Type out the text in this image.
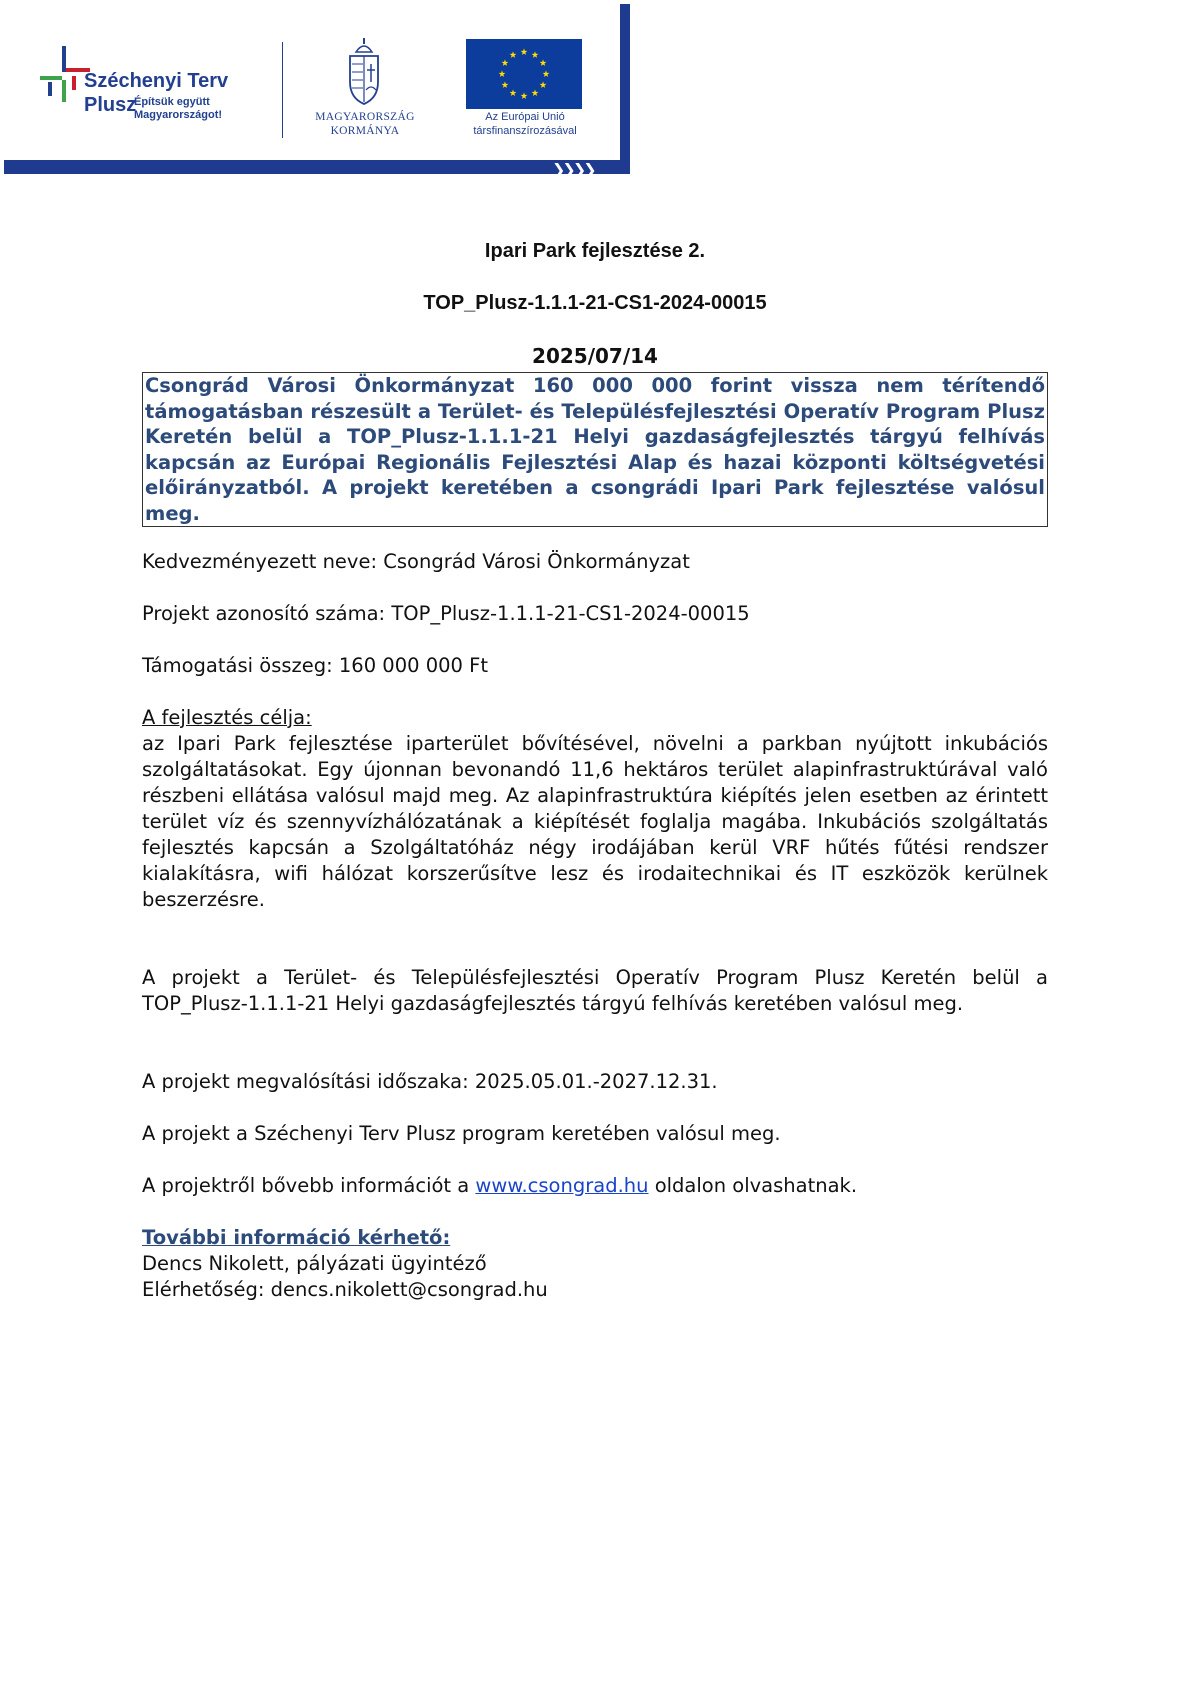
❯❯❯❯
Széchenyi Terv
Plusz
Építsük együtt Magyarországot!	MAGYARORSZÁG
KORMÁNYA
Az Európai Unió
társfinanszírozásával
Ipari Park fejlesztése 2.
TOP_Plusz-1.1.1-21-CS1-2024-00015
2025/07/14
Csongrád Városi Önkormányzat 160 000 000 forint vissza nem térítendő támogatásban részesült a Terület- és Településfejlesztési Operatív Program Plusz Keretén belül a TOP_Plusz-1.1.1-21 Helyi gazdaságfejlesztés tárgyú felhívás kapcsán az Európai Regionális Fejlesztési Alap és hazai központi költségvetési előirányzatból. A projekt keretében a csongrádi Ipari Park fejlesztése valósul meg.
Kedvezményezett neve: Csongrád Városi Önkormányzat
Projekt azonosító száma: TOP_Plusz-1.1.1-21-CS1-2024-00015
Támogatási összeg: 160 000 000 Ft
A fejlesztés célja:
az Ipari Park fejlesztése iparterület bővítésével, növelni a parkban nyújtott inkubációs szolgáltatásokat. Egy újonnan bevonandó 11,6 hektáros terület alapinfrastruktúrával való részbeni ellátása valósul majd meg. Az alapinfrastruktúra kiépítés jelen esetben az érintett terület víz és szennyvízhálózatának a kiépítését foglalja magába. Inkubációs szolgáltatás fejlesztés kapcsán a Szolgáltatóház négy irodájában kerül VRF hűtés fűtési rendszer kialakításra, wifi hálózat korszerűsítve lesz és irodaitechnikai és IT eszközök kerülnek beszerzésre.
A projekt a Terület- és Településfejlesztési Operatív Program Plusz Keretén belül a TOP_Plusz-1.1.1-21 Helyi gazdaságfejlesztés tárgyú felhívás keretében valósul meg.
A projekt megvalósítási időszaka: 2025.05.01.-2027.12.31.
A projekt a Széchenyi Terv Plusz program keretében valósul meg.
A projektről bővebb információt a www.csongrad.hu oldalon olvashatnak.
További információ kérhető:
Dencs Nikolett, pályázati ügyintéző
Elérhetőség: dencs.nikolett@csongrad.hu
